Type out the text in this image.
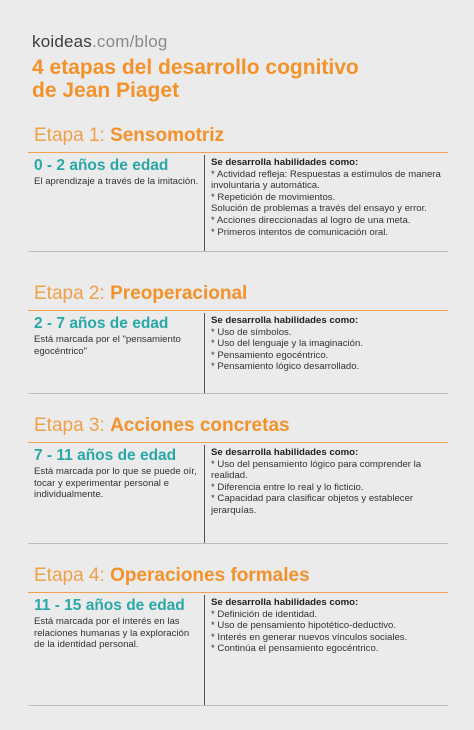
koideas.com/blog
4 etapas del desarrollo cognitivo
de Jean Piaget
Etapa 1: Sensomotriz
0 - 2 años de edad
El aprendizaje a través de la imitación.
Se desarrolla habilidades como:
* Actividad refleja: Respuestas a estímulos de manera involuntaria y automática.
* Repetición de movimientos.
Solución de problemas a través del ensayo y error.
* Acciones direccionadas al logro de una meta.
* Primeros intentos de comunicación oral.
Etapa 2: Preoperacional
2 - 7 años de edad
Está marcada por el "pensamiento egocéntrico"
Se desarrolla habilidades como:
* Uso de símbolos.
* Uso del lenguaje y la imaginación.
* Pensamiento egocéntrico.
* Pensamiento lógico desarrollado.
Etapa 3: Acciones concretas
7 - 11 años de edad
Está marcada por lo que se puede oír, tocar y experimentar personal e individualmente.
Se desarrolla habilidades como:
* Uso del pensamiento lógico para comprender la realidad.
* Diferencia entre lo real y lo ficticio.
* Capacidad para clasificar objetos y establecer jerarquías.
Etapa 4: Operaciones formales
11 - 15 años de edad
Está marcada por el interés en las relaciones humanas y la exploración de la identidad personal.
Se desarrolla habilidades como:
* Definición de identidad.
* Uso de pensamiento hipotético-deductivo.
* Interés en generar nuevos vínculos sociales.
* Continúa el pensamiento egocéntrico.
